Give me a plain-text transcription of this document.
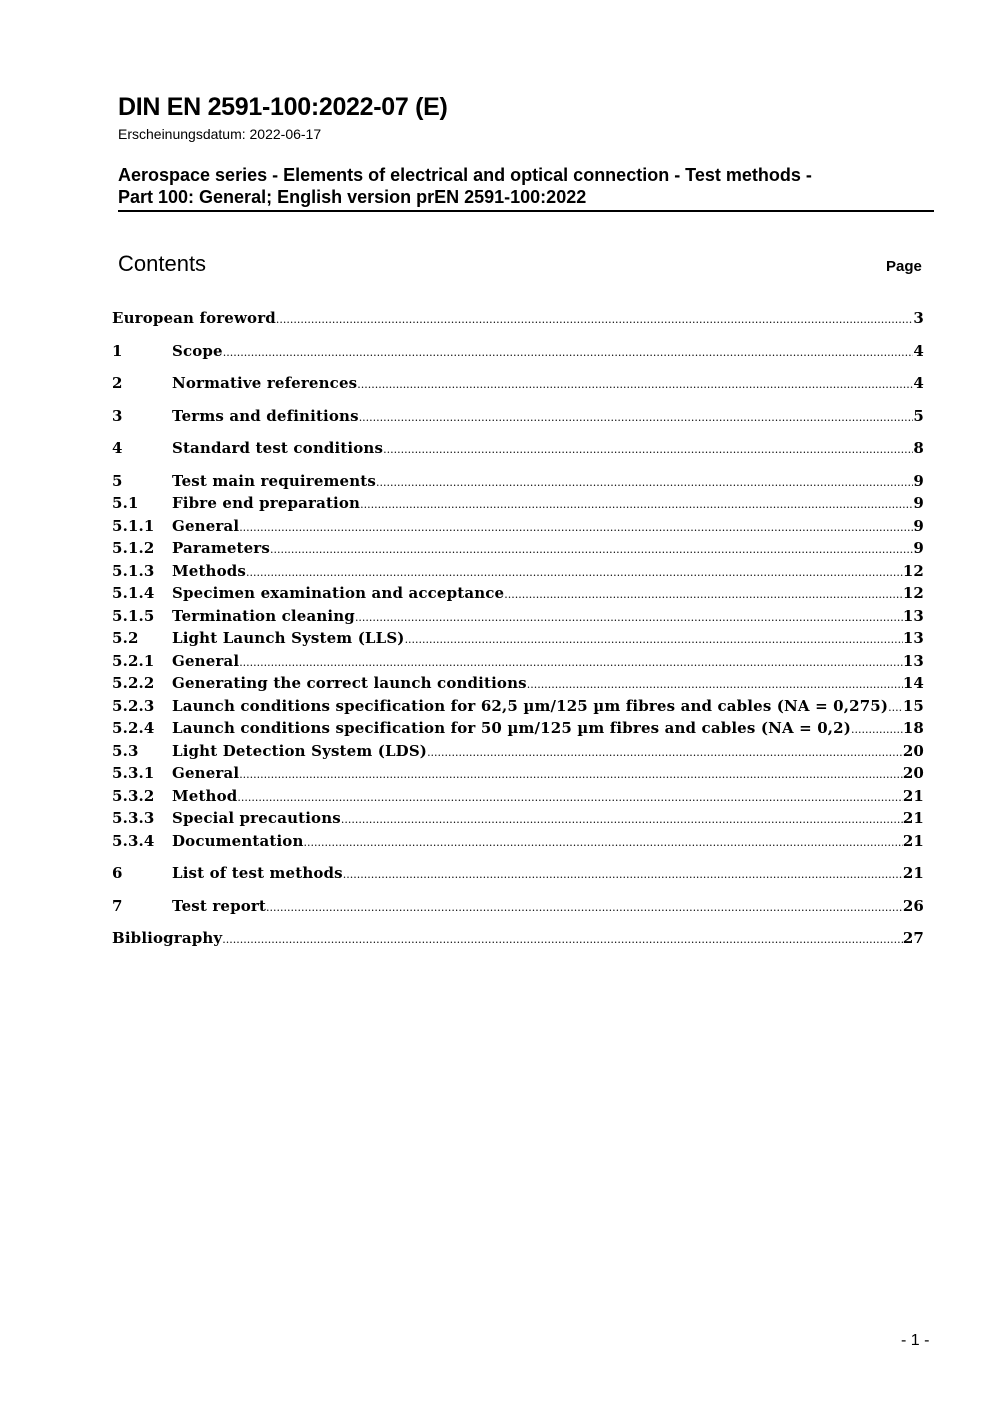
DIN EN 2591-100:2022-07 (E)
Erscheinungsdatum: 2022-06-17
Aerospace series - Elements of electrical and optical connection - Test methods -
Part 100: General; English version prEN 2591-100:2022
Contents	Page
European foreword .....	3
1	Scope .....	4
2	Normative references .....	4
3	Terms and definitions .....	5
4	Standard test conditions .....	8
5	Test main requirements .....	9
5.1	Fibre end preparation .....	9
5.1.1	General .....	9
5.1.2	Parameters .....	9
5.1.3	Methods .....	12
5.1.4	Specimen examination and acceptance .....	12
5.1.5	Termination cleaning .....	13
5.2	Light Launch System (LLS) .....	13
5.2.1	General .....	13
5.2.2	Generating the correct launch conditions .....	14
5.2.3	Launch conditions specification for 62,5 µm/125 µm fibres and cables (NA = 0,275) ..... 15
5.2.4	Launch conditions specification for 50 µm/125 µm fibres and cables (NA = 0,2) .....	18
5.3	Light Detection System (LDS) .....	20
5.3.1	General .....	20
5.3.2	Method .....	21
5.3.3	Special precautions .....	21
5.3.4	Documentation .....	21
6	List of test methods .....	21
7	Test report .....	26
Bibliography .....	27
- 1 -
